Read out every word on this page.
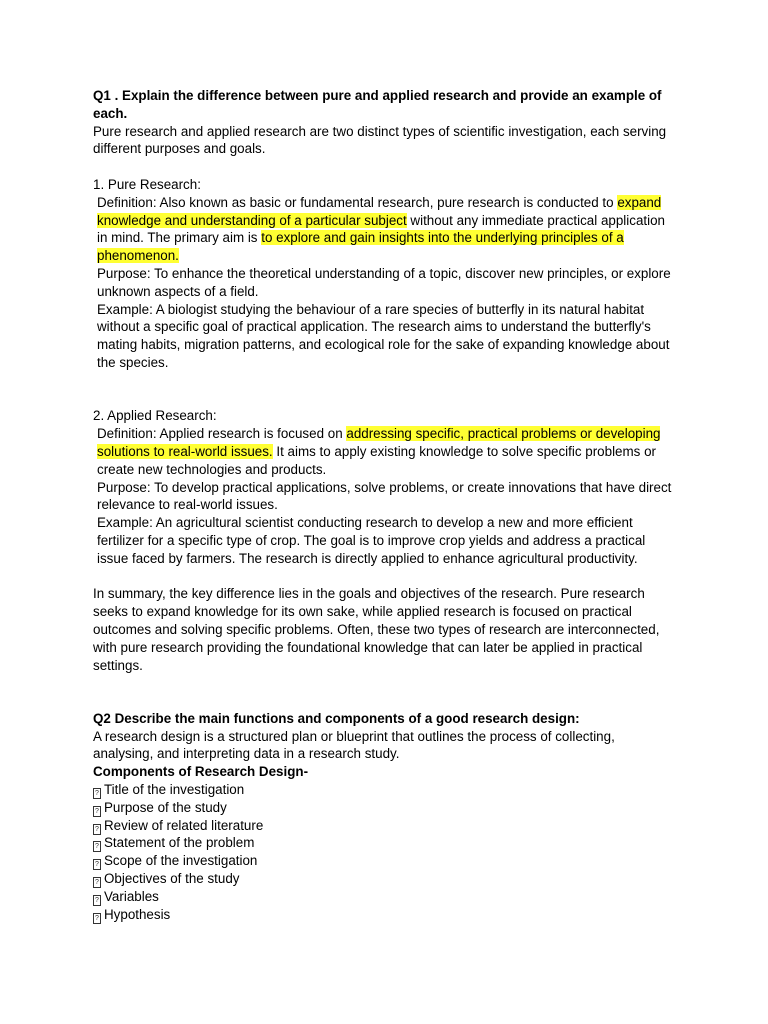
Q1 . Explain the difference between pure and applied research and provide an example of each.

Pure research and applied research are two distinct types of scientific investigation, each serving different purposes and goals.

1. Pure Research:

Definition: Also known as basic or fundamental research, pure research is conducted to expand knowledge and understanding of a particular subject without any immediate practical application in mind. The primary aim is to explore and gain insights into the underlying principles of a phenomenon.

Purpose: To enhance the theoretical understanding of a topic, discover new principles, or explore unknown aspects of a field.

Example: A biologist studying the behaviour of a rare species of butterfly in its natural habitat without a specific goal of practical application. The research aims to understand the butterfly's mating habits, migration patterns, and ecological role for the sake of expanding knowledge about the species.

2. Applied Research:

Definition: Applied research is focused on addressing specific, practical problems or developing solutions to real-world issues. It aims to apply existing knowledge to solve specific problems or create new technologies and products.

Purpose: To develop practical applications, solve problems, or create innovations that have direct relevance to real-world issues.

Example: An agricultural scientist conducting research to develop a new and more efficient fertilizer for a specific type of crop. The goal is to improve crop yields and address a practical issue faced by farmers. The research is directly applied to enhance agricultural productivity.

In summary, the key difference lies in the goals and objectives of the research. Pure research seeks to expand knowledge for its own sake, while applied research is focused on practical outcomes and solving specific problems. Often, these two types of research are interconnected, with pure research providing the foundational knowledge that can later be applied in practical settings.

Q2 Describe the main functions and components of a good research design:

A research design is a structured plan or blueprint that outlines the process of collecting, analysing, and interpreting data in a research study.

Components of Research Design-

? Title of the investigation
? Purpose of the study
? Review of related literature
? Statement of the problem
? Scope of the investigation
? Objectives of the study
? Variables
? Hypothesis
